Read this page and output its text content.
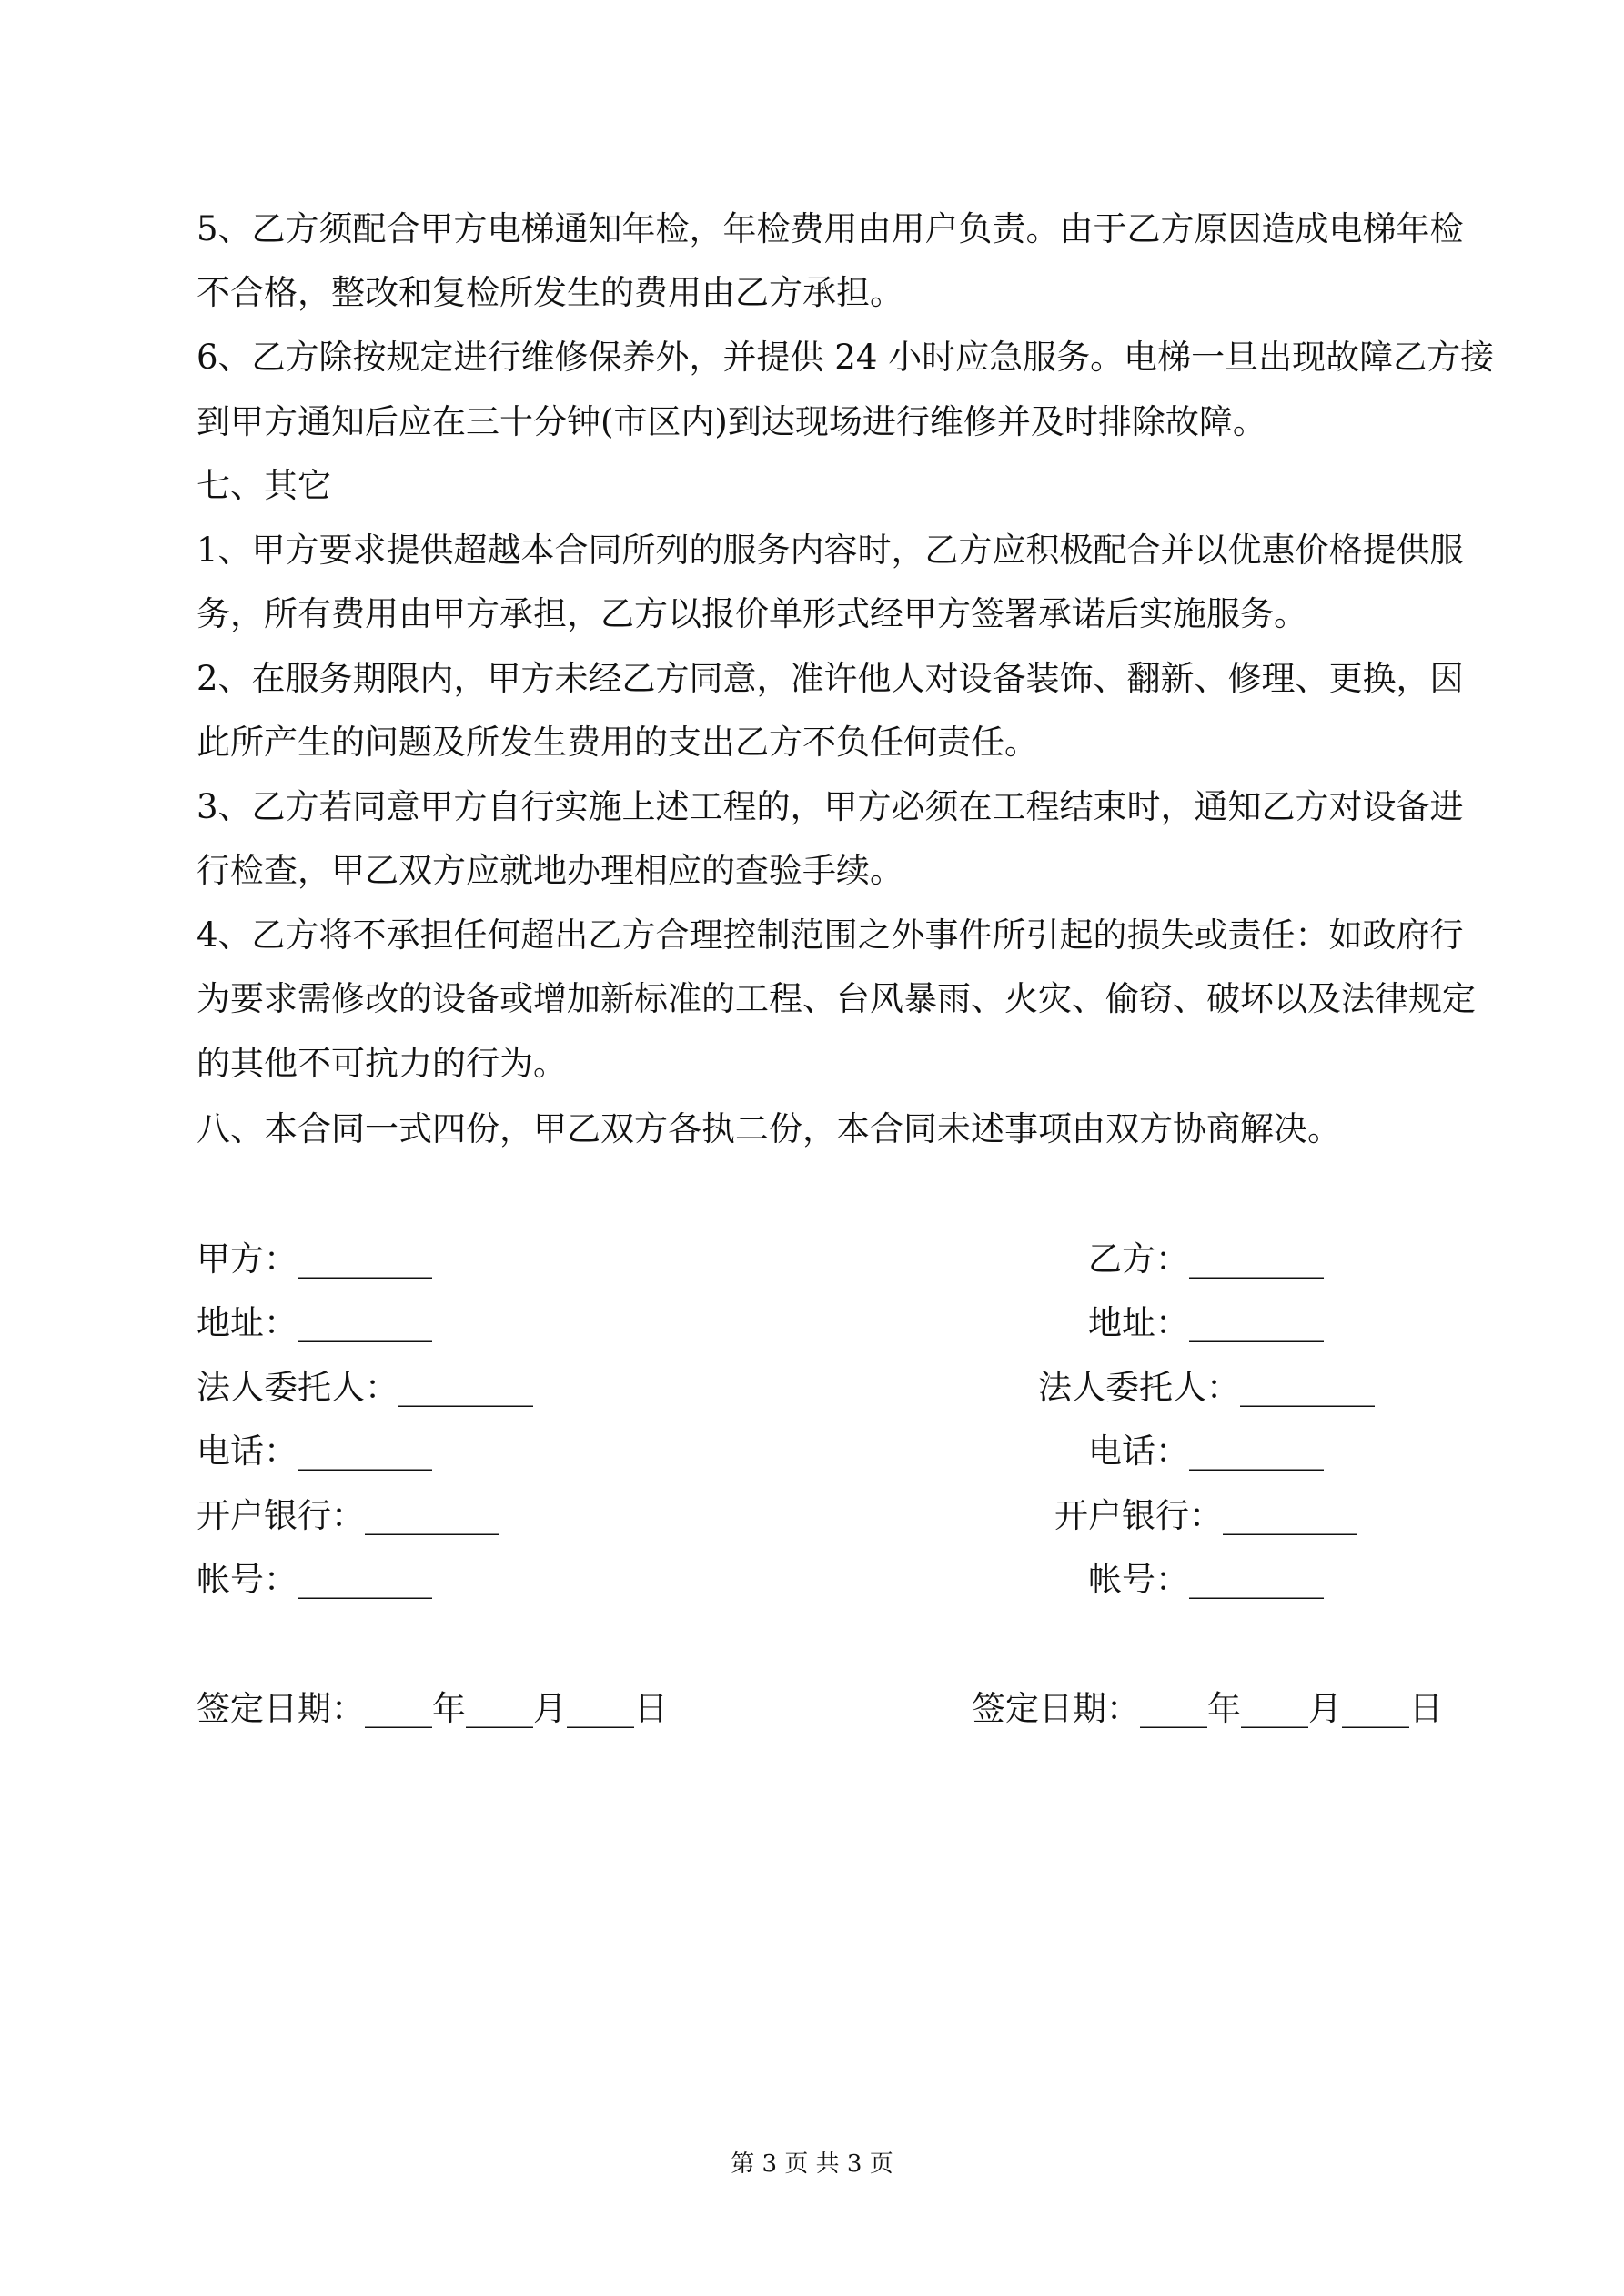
5、乙方须配合甲方电梯通知年检，年检费用由用户负责。由于乙方原因造成电梯年检
不合格，整改和复检所发生的费用由乙方承担。
6、乙方除按规定进行维修保养外，并提供 24 小时应急服务。电梯一旦出现故障乙方接
到甲方通知后应在三十分钟(市区内)到达现场进行维修并及时排除故障。
七、其它
1、甲方要求提供超越本合同所列的服务内容时，乙方应积极配合并以优惠价格提供服
务，所有费用由甲方承担，乙方以报价单形式经甲方签署承诺后实施服务。
2、在服务期限内，甲方未经乙方同意，准许他人对设备装饰、翻新、修理、更换，因
此所产生的问题及所发生费用的支出乙方不负任何责任。
3、乙方若同意甲方自行实施上述工程的，甲方必须在工程结束时，通知乙方对设备进
行检查，甲乙双方应就地办理相应的查验手续。
4、乙方将不承担任何超出乙方合理控制范围之外事件所引起的损失或责任：如政府行
为要求需修改的设备或增加新标准的工程、台风暴雨、火灾、偷窃、破坏以及法律规定
的其他不可抗力的行为。
八、本合同一式四份，甲乙双方各执二份，本合同未述事项由双方协商解决。
甲方：________
地址：________
法人委托人：________
电话：________
开户银行：________
帐号：________
签定日期：____年____月____日
乙方：________
地址：________
法人委托人：________
电话：________
开户银行：________
帐号：________
签定日期：____年____月____日
第 3 页 共 3 页
